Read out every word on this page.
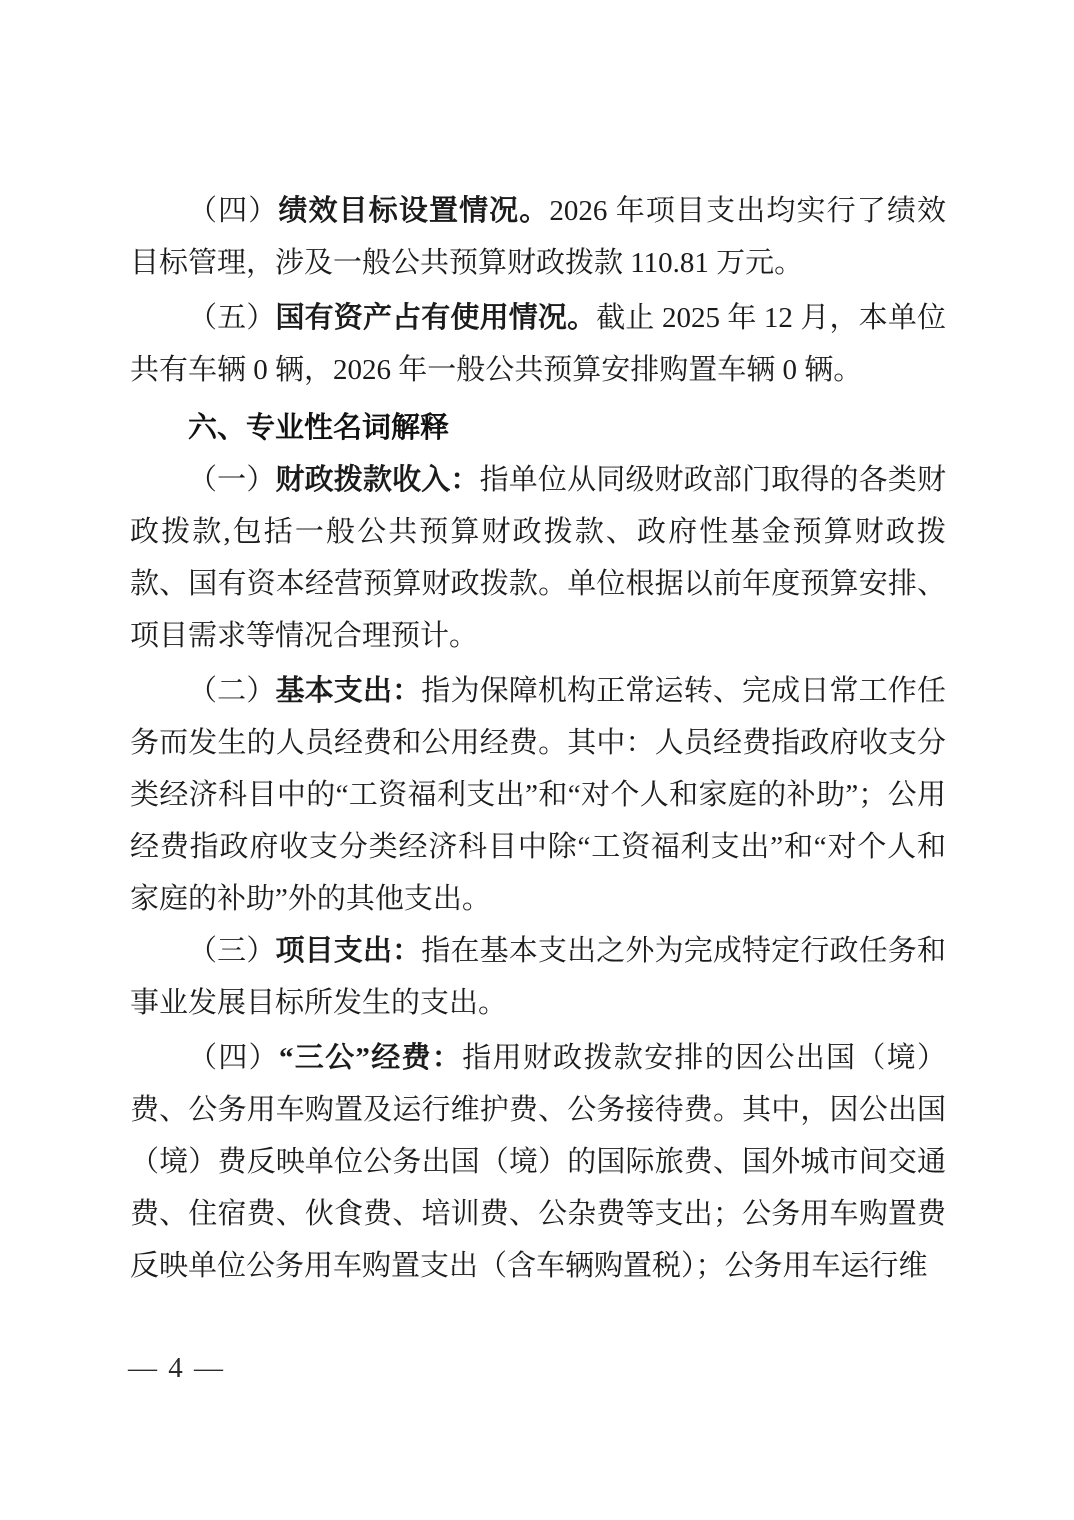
（四）绩效目标设置情况。2026 年项目支出均实行了绩效目标管理，涉及一般公共预算财政拨款 110.81 万元。

（五）国有资产占有使用情况。截止 2025 年 12 月，本单位共有车辆 0 辆，2026 年一般公共预算安排购置车辆 0 辆。

六、专业性名词解释

（一）财政拨款收入：指单位从同级财政部门取得的各类财政拨款,包括一般公共预算财政拨款、政府性基金预算财政拨款、国有资本经营预算财政拨款。单位根据以前年度预算安排、项目需求等情况合理预计。

（二）基本支出：指为保障机构正常运转、完成日常工作任务而发生的人员经费和公用经费。其中：人员经费指政府收支分类经济科目中的“工资福利支出”和“对个人和家庭的补助”；公用经费指政府收支分类经济科目中除“工资福利支出”和“对个人和家庭的补助”外的其他支出。

（三）项目支出：指在基本支出之外为完成特定行政任务和事业发展目标所发生的支出。

（四）“三公”经费：指用财政拨款安排的因公出国（境）费、公务用车购置及运行维护费、公务接待费。其中，因公出国（境）费反映单位公务出国（境）的国际旅费、国外城市间交通费、住宿费、伙食费、培训费、公杂费等支出；公务用车购置费反映单位公务用车购置支出（含车辆购置税）；公务用车运行维

— 4 —
